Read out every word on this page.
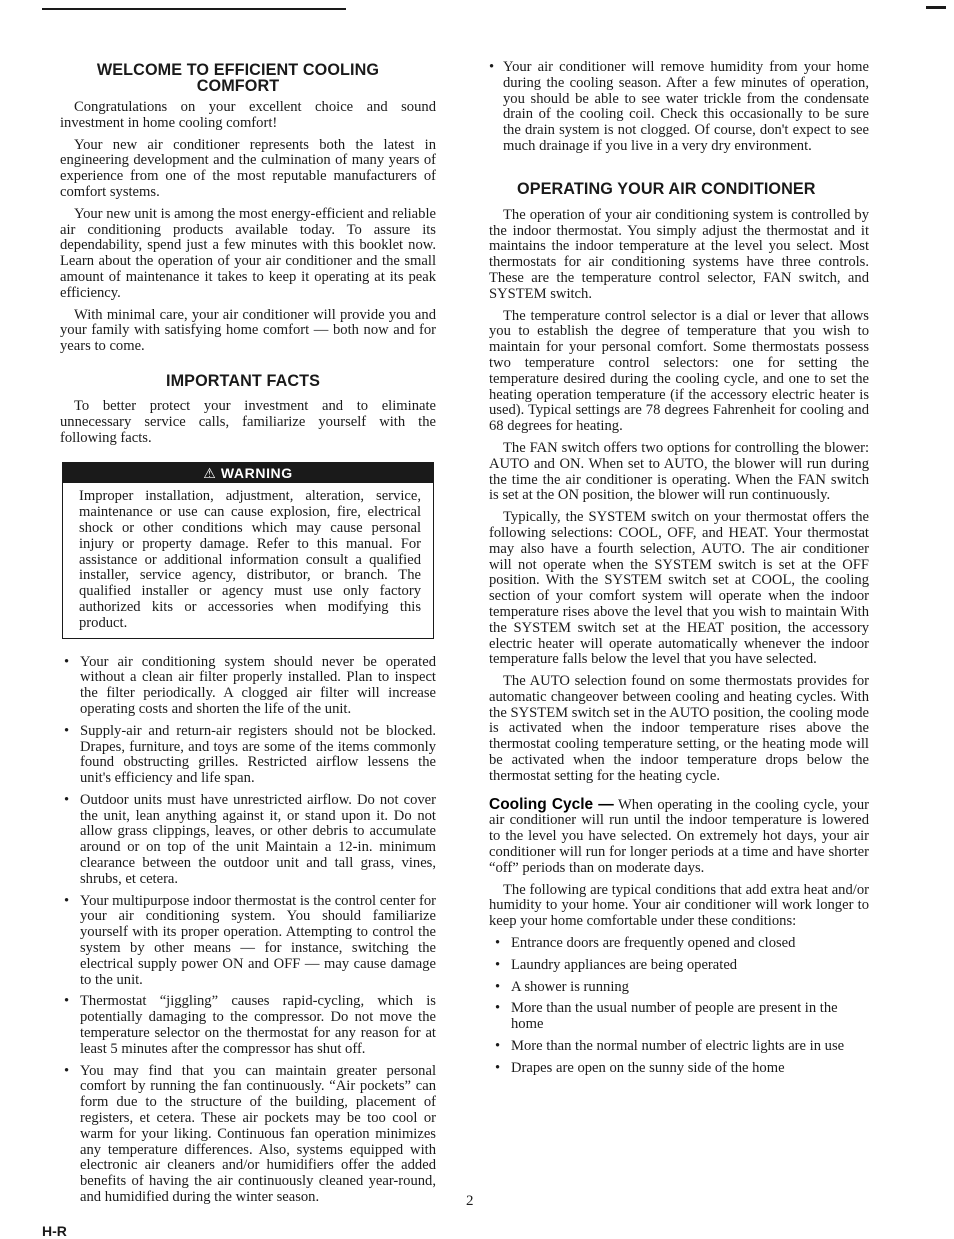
WELCOME TO EFFICIENT COOLING
COMFORT

Congratulations on your excellent choice and sound investment in home cooling comfort!

Your new air conditioner represents both the latest in engineering development and the culmination of many years of experience from one of the most reputable manufacturers of comfort systems.

Your new unit is among the most energy-efficient and reliable air conditioning products available today. To assure its dependability, spend just a few minutes with this booklet now. Learn about the operation of your air conditioner and the small amount of maintenance it takes to keep it operating at its peak efficiency.

With minimal care, your air conditioner will provide you and your family with satisfying home comfort — both now and for years to come.

IMPORTANT FACTS

To better protect your investment and to eliminate unnecessary service calls, familiarize yourself with the following facts.

⚠ WARNING
Improper installation, adjustment, alteration, service, maintenance or use can cause explosion, fire, electrical shock or other conditions which may cause personal injury or property damage. Refer to this manual. For assistance or additional information consult a qualified installer, service agency, distributor, or branch. The qualified installer or agency must use only factory authorized kits or accessories when modifying this product.
• Your air conditioning system should never be operated without a clean air filter properly installed. Plan to inspect the filter periodically. A clogged air filter will increase operating costs and shorten the life of the unit.
• Supply-air and return-air registers should not be blocked. Drapes, furniture, and toys are some of the items commonly found obstructing grilles. Restricted airflow lessens the unit's efficiency and life span.
• Outdoor units must have unrestricted airflow. Do not cover the unit, lean anything against it, or stand upon it. Do not allow grass clippings, leaves, or other debris to accumulate around or on top of the unit Maintain a 12-in. minimum clearance between the outdoor unit and tall grass, vines, shrubs, et cetera.
• Your multipurpose indoor thermostat is the control center for your air conditioning system. You should familiarize yourself with its proper operation. Attempting to control the system by other means — for instance, switching the electrical supply power ON and OFF — may cause damage to the unit.
• Thermostat “jiggling” causes rapid-cycling, which is potentially damaging to the compressor. Do not move the temperature selector on the thermostat for any reason for at least 5 minutes after the compressor has shut off.
• You may find that you can maintain greater personal comfort by running the fan continuously. “Air pockets” can form due to the structure of the building, placement of registers, et cetera. These air pockets may be too cool or warm for your liking. Continuous fan operation minimizes any temperature differences. Also, systems equipped with electronic air cleaners and/or humidifiers offer the added benefits of having the air continuously cleaned year-round, and humidified during the winter season.
• Your air conditioner will remove humidity from your home during the cooling season. After a few minutes of operation, you should be able to see water trickle from the condensate drain of the cooling coil. Check this occasionally to be sure the drain system is not clogged. Of course, don't expect to see much drainage if you live in a very dry environment.
OPERATING YOUR AIR CONDITIONER

The operation of your air conditioning system is controlled by the indoor thermostat. You simply adjust the thermostat and it maintains the indoor temperature at the level you select. Most thermostats for air conditioning systems have three controls. These are the temperature control selector, FAN switch, and SYSTEM switch.

The temperature control selector is a dial or lever that allows you to establish the degree of temperature that you wish to maintain for your personal comfort. Some thermostats possess two temperature control selectors: one for setting the temperature desired during the cooling cycle, and one to set the heating operation temperature (if the accessory electric heater is used). Typical settings are 78 degrees Fahrenheit for cooling and 68 degrees for heating.

The FAN switch offers two options for controlling the blower: AUTO and ON. When set to AUTO, the blower will run during the time the air conditioner is operating. When the FAN switch is set at the ON position, the blower will run continuously.

Typically, the SYSTEM switch on your thermostat offers the following selections: COOL, OFF, and HEAT. Your thermostat may also have a fourth selection, AUTO. The air conditioner will not operate when the SYSTEM switch is set at the OFF position. With the SYSTEM switch set at COOL, the cooling section of your comfort system will operate when the indoor temperature rises above the level that you wish to maintain With the SYSTEM switch set at the HEAT position, the accessory electric heater will operate automatically whenever the indoor temperature falls below the level that you have selected.

The AUTO selection found on some thermostats provides for automatic changeover between cooling and heating cycles. With the SYSTEM switch set in the AUTO position, the cooling mode is activated when the indoor temperature rises above the thermostat cooling temperature setting, or the heating mode will be activated when the indoor temperature drops below the thermostat setting for the heating cycle.

Cooling Cycle — When operating in the cooling cycle, your air conditioner will run until the indoor temperature is lowered to the level you have selected. On extremely hot days, your air conditioner will run for longer periods at a time and have shorter “off” periods than on moderate days.

The following are typical conditions that add extra heat and/or humidity to your home. Your air conditioner will work longer to keep your home comfortable under these conditions:

• Entrance doors are frequently opened and closed
• Laundry appliances are being operated
• A shower is running
• More than the usual number of people are present in the home
• More than the normal number of electric lights are in use
• Drapes are open on the sunny side of the home
2
H-R
